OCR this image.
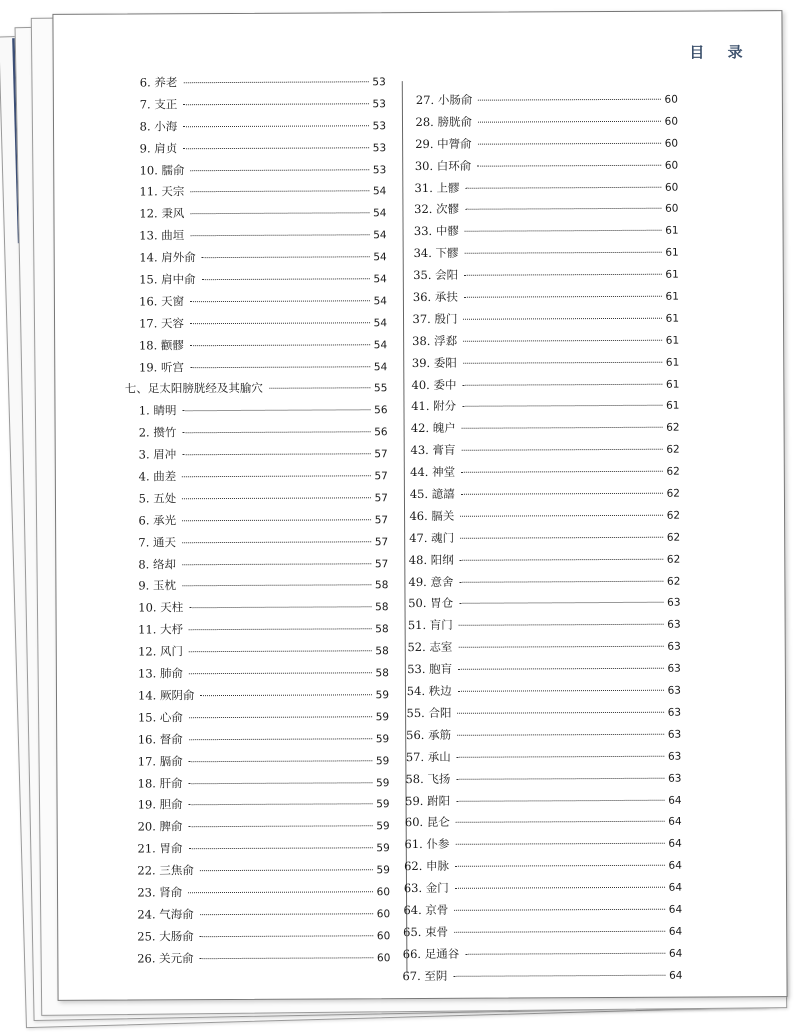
目 录
6. 养老	53
7. 支正	53
8. 小海	53
9. 肩贞	53
10. 臑俞	53
11. 天宗	54
12. 秉风	54
13. 曲垣	54
14. 肩外俞	54
15. 肩中俞	54
16. 天窗	54
17. 天容	54
18. 颧髎	54
19. 听宫	54
七、足太阳膀胱经及其腧穴	55
1. 睛明	56
2. 攒竹	56
3. 眉冲	57
4. 曲差	57
5. 五处	57
6. 承光	57
7. 通天	57
8. 络却	57
9. 玉枕	58
10. 天柱	58
11. 大杼	58
12. 风门	58
13. 肺俞	58
14. 厥阴俞	59
15. 心俞	59
16. 督俞	59
17. 膈俞	59
18. 肝俞	59
19. 胆俞	59
20. 脾俞	59
21. 胃俞	59
22. 三焦俞	59
23. 肾俞	60
24. 气海俞	60
25. 大肠俞	60
26. 关元俞	60
27. 小肠俞	60
28. 膀胱俞	60
29. 中膂俞	60
30. 白环俞	60
31. 上髎	60
32. 次髎	60
33. 中髎	61
34. 下髎	61
35. 会阳	61
36. 承扶	61
37. 殷门	61
38. 浮郄	61
39. 委阳	61
40. 委中	61
41. 附分	61
42. 魄户	62
43. 膏肓	62
44. 神堂	62
45. 譩譆	62
46. 膈关	62
47. 魂门	62
48. 阳纲	62
49. 意舍	62
50. 胃仓	63
51. 肓门	63
52. 志室	63
53. 胞肓	63
54. 秩边	63
55. 合阳	63
56. 承筋	63
57. 承山	63
58. 飞扬	63
59. 跗阳	64
60. 昆仑	64
61. 仆参	64
62. 申脉	64
63. 金门	64
64. 京骨	64
65. 束骨	64
66. 足通谷	64
67. 至阴	64
